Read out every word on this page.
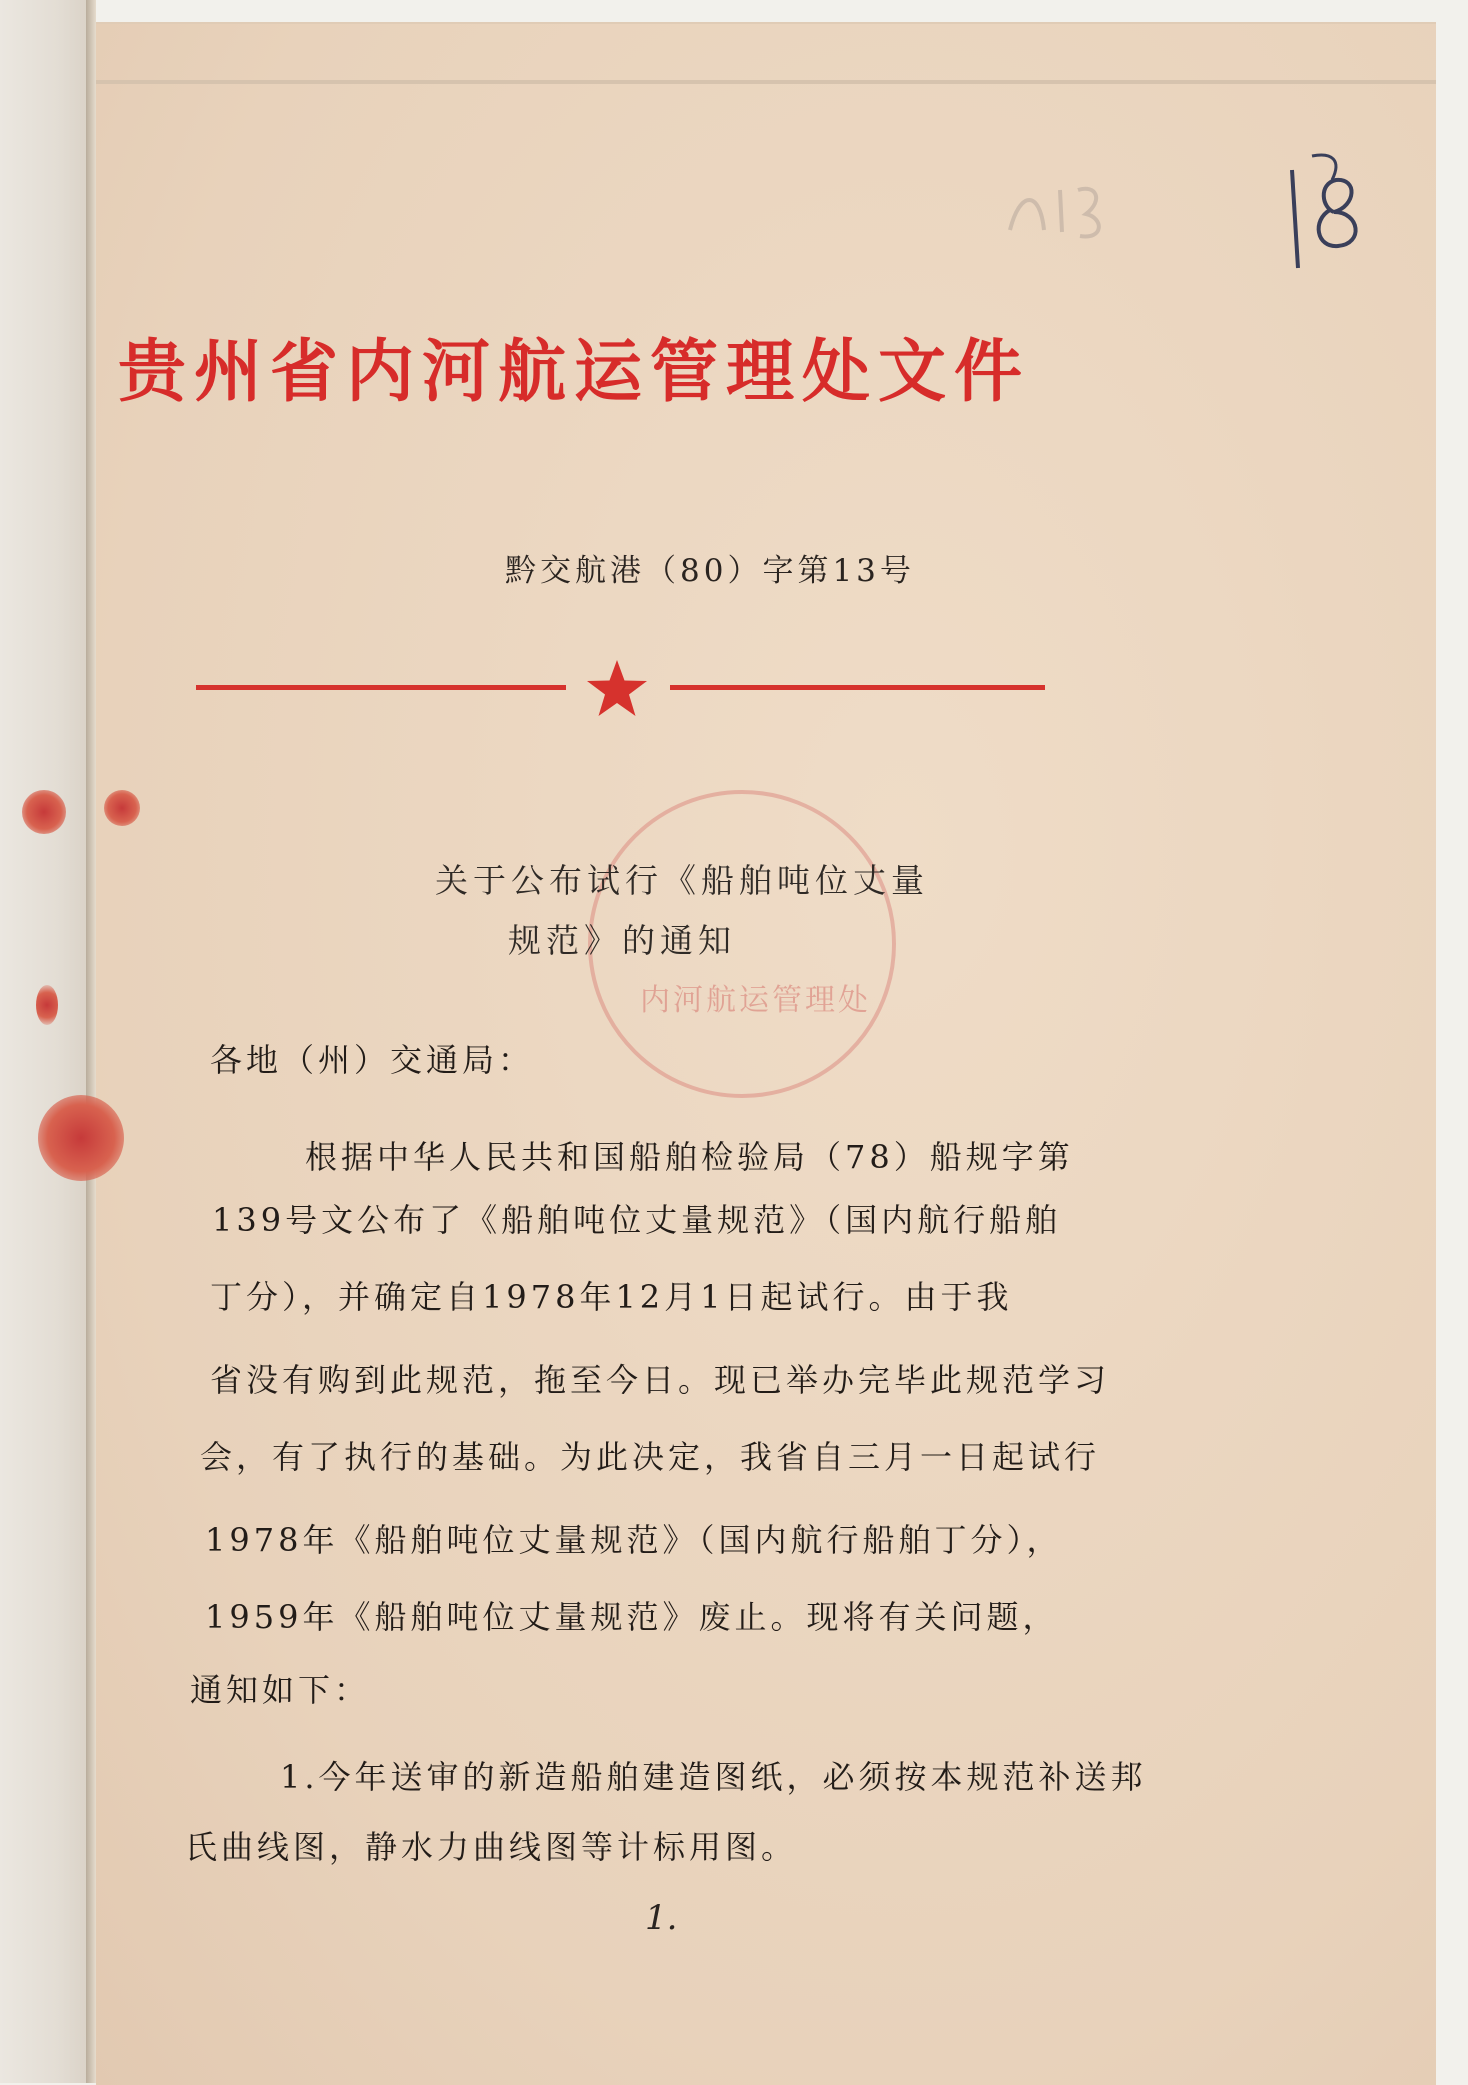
内河航运管理处
贵州省内河航运管理处文件
黔交航港（80）字第13号
关于公布试行《船舶吨位丈量
规范》的通知
各地（州）交通局：
根据中华人民共和国船舶检验局（78）船规字第
139号文公布了《船舶吨位丈量规范》（国内航行船舶
丁分），并确定自1978年12月1日起试行。由于我
省没有购到此规范，拖至今日。现已举办完毕此规范学习
会，有了执行的基础。为此决定，我省自三月一日起试行
1978年《船舶吨位丈量规范》（国内航行船舶丁分），
1959年《船舶吨位丈量规范》废止。现将有关问题，
通知如下：
1.今年送审的新造船舶建造图纸，必须按本规范补送邦
氏曲线图，静水力曲线图等计标用图。
1.
